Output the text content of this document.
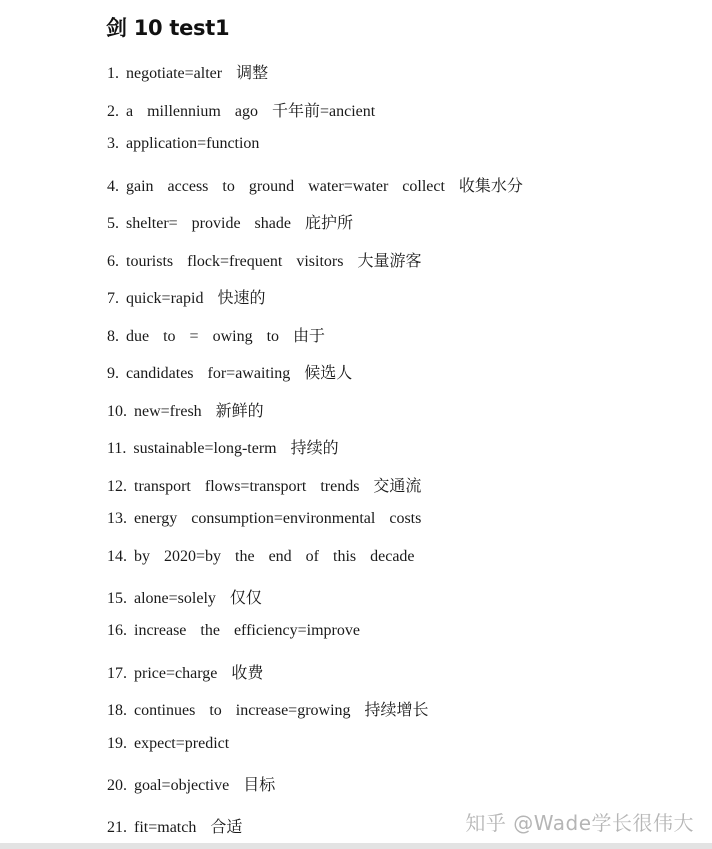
剑 10 test1
1. negotiate=alter  调整
2. a  millennium  ago  千年前=ancient
3. application=function
4. gain  access  to  ground  water=water  collect  收集水分
5. shelter=  provide  shade  庇护所
6. tourists  flock=frequent  visitors  大量游客
7. quick=rapid  快速的
8. due  to  =  owing  to  由于
9. candidates  for=awaiting  候选人
10. new=fresh  新鲜的
11. sustainable=long-term  持续的
12. transport  flows=transport  trends  交通流
13. energy  consumption=environmental  costs
14. by  2020=by  the  end  of  this  decade
15. alone=solely  仅仅
16. increase  the  efficiency=improve
17. price=charge  收费
18. continues  to  increase=growing  持续增长
19. expect=predict
20. goal=objective  目标
21. fit=match  合适	知乎 @Wade学长很伟大
